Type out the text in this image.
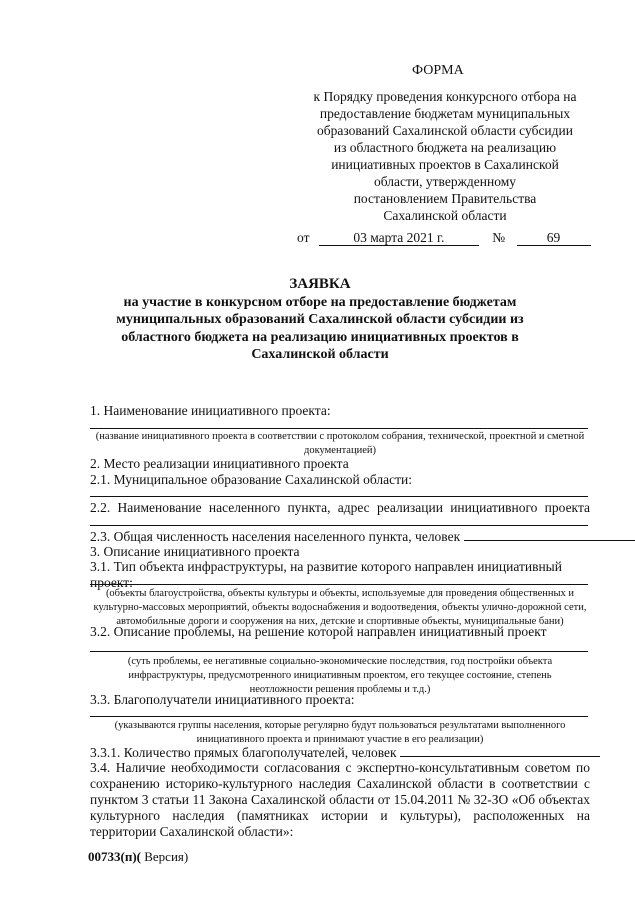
ФОРМА
к Порядку проведения конкурсного отбора на
предоставление бюджетам муниципальных
образований Сахалинской области субсидии
из областного бюджета на реализацию
инициативных проектов в Сахалинской
области, утвержденному
постановлением Правительства
Сахалинской области
от	03 марта 2021 г.	№	69
ЗАЯВКА
на участие в конкурсном отборе на предоставление бюджетам
муниципальных образований Сахалинской области субсидии из
областного бюджета на реализацию инициативных проектов в
Сахалинской области
1. Наименование инициативного проекта:
(название инициативного проекта в соответствии с протоколом собрания, технической, проектной и сметной документацией)
2. Место реализации инициативного проекта
2.1. Муниципальное образование Сахалинской области:
2.2. Наименование населенного пункта, адрес реализации инициативного проекта
2.3. Общая численность населения населенного пункта, человек
3. Описание инициативного проекта
3.1. Тип объекта инфраструктуры, на развитие которого направлен инициативный проект:
(объекты благоустройства, объекты культуры и объекты, используемые для проведения общественных и культурно-массовых мероприятий, объекты водоснабжения и водоотведения, объекты улично-дорожной сети, автомобильные дороги и сооружения на них, детские и спортивные объекты, муниципальные бани)
3.2. Описание проблемы, на решение которой направлен инициативный проект
(суть проблемы, ее негативные социально-экономические последствия, год постройки объекта инфраструктуры, предусмотренного инициативным проектом, его текущее состояние, степень неотложности решения проблемы и т.д.)
3.3. Благополучатели инициативного проекта:
(указываются группы населения, которые регулярно будут пользоваться результатами выполненного инициативного проекта и принимают участие в его реализации)
3.3.1. Количество прямых благополучателей, человек
3.4. Наличие необходимости согласования с экспертно-консультативным советом по сохранению историко-культурного наследия Сахалинской области в соответствии с пунктом 3 статьи 11 Закона Сахалинской области от 15.04.2011 № 32-ЗО «Об объектах культурного наследия (памятниках истории и культуры), расположенных на территории Сахалинской области»:
00733(п)( Версия)
